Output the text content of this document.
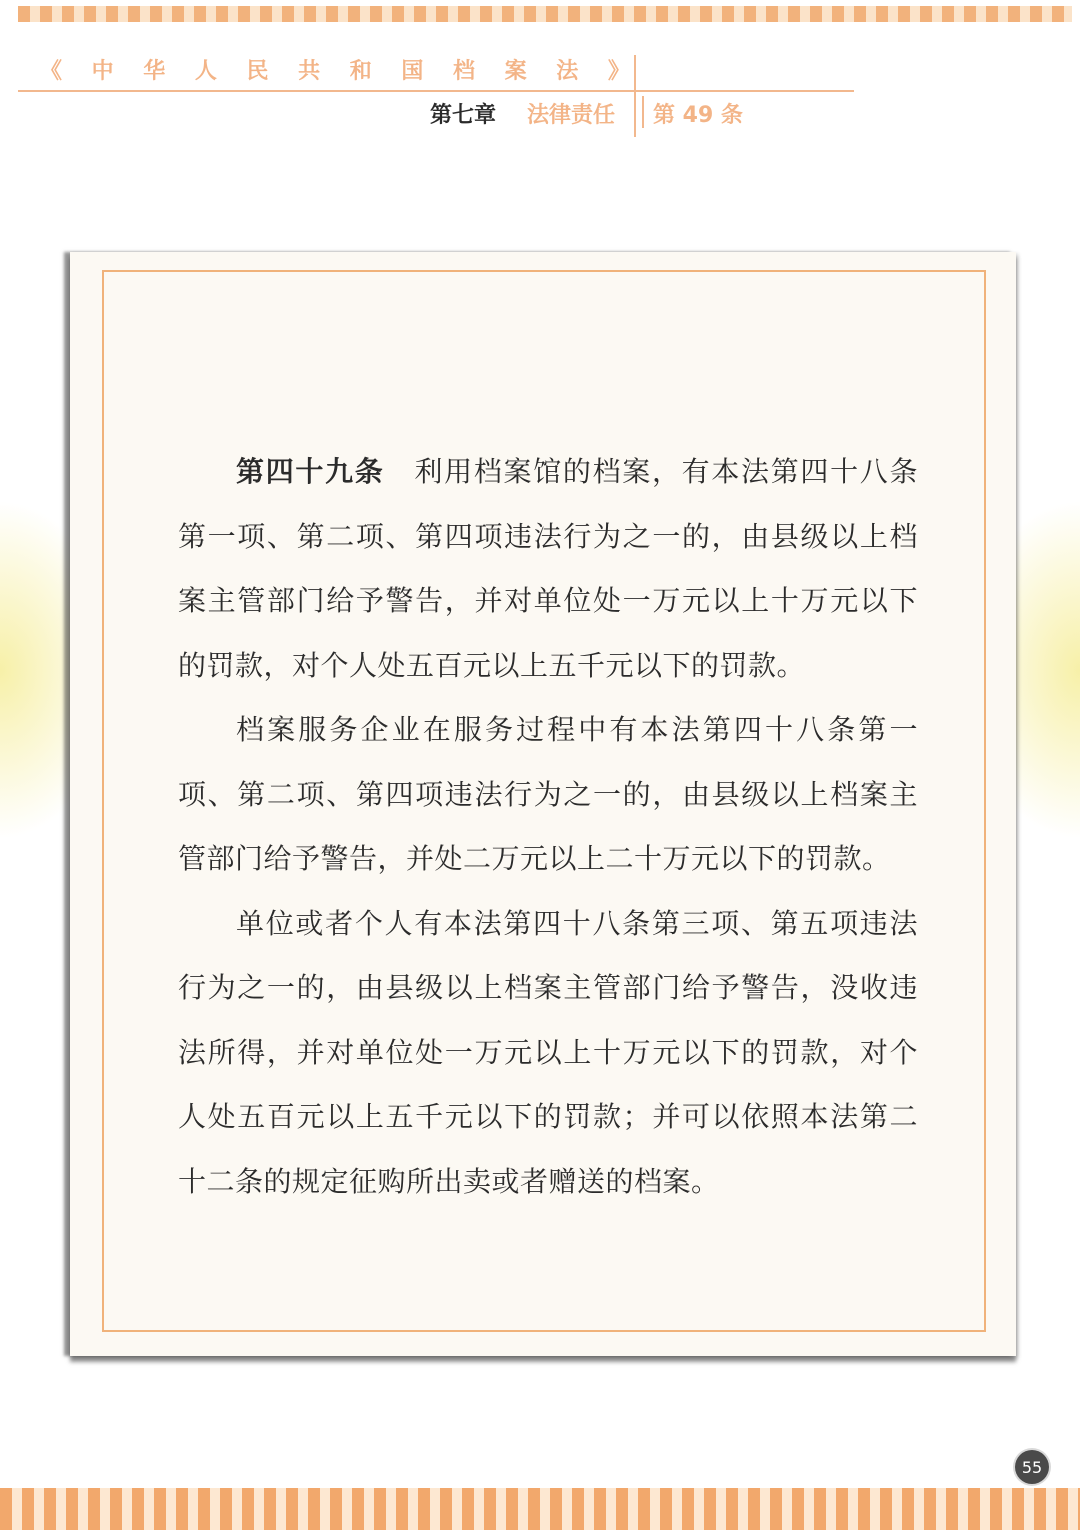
《 中 华 人 民 共 和 国 档 案 法 》
第七章 法律责任 第 49 条

第四十九条 利用档案馆的档案，有本法第四十八条第一项、第二项、第四项违法行为之一的，由县级以上档案主管部门给予警告，并对单位处一万元以上十万元以下的罚款，对个人处五百元以上五千元以下的罚款。

档案服务企业在服务过程中有本法第四十八条第一项、第二项、第四项违法行为之一的，由县级以上档案主管部门给予警告，并处二万元以上二十万元以下的罚款。

单位或者个人有本法第四十八条第三项、第五项违法行为之一的，由县级以上档案主管部门给予警告，没收违法所得，并对单位处一万元以上十万元以下的罚款，对个人处五百元以上五千元以下的罚款；并可以依照本法第二十二条的规定征购所出卖或者赠送的档案。

55
